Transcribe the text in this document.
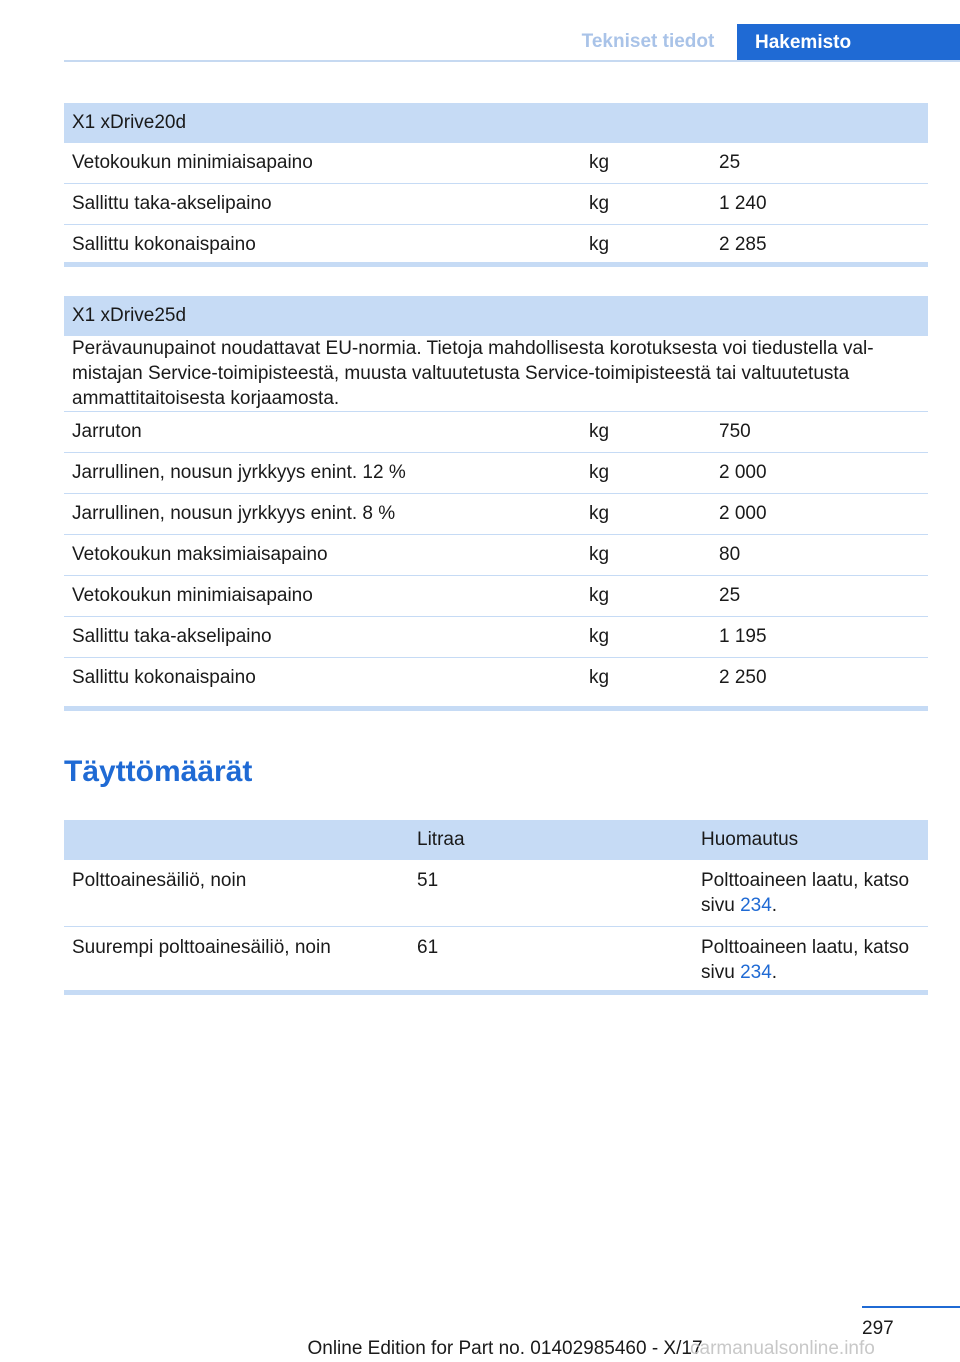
Tekniset tiedot	Hakemisto
X1 xDrive20d		
Vetokoukun minimiaisapaino	kg	25
Sallittu taka-akselipaino	kg	1 240
Sallittu kokonaispaino	kg	2 285
X1 xDrive25d		
Perävaunupainot noudattavat EU-normia. Tietoja mahdollisesta korotuksesta voi tiedustella valmistajan Service-toimipisteestä, muusta valtuutetusta Service-toimipisteestä tai valtuutetusta ammattitaitoisesta korjaamosta.		
Jarruton	kg	750
Jarrullinen, nousun jyrkkyys enint. 12 %	kg	2 000
Jarrullinen, nousun jyrkkyys enint. 8 %	kg	2 000
Vetokoukun maksimiaisapaino	kg	80
Vetokoukun minimiaisapaino	kg	25
Sallittu taka-akselipaino	kg	1 195
Sallittu kokonaispaino	kg	2 250
Täyttömäärät
	Litraa	Huomautus
Polttoainesäiliö, noin	51	Polttoaineen laatu, katso
sivu 234.
Suurempi polttoainesäiliö, noin	61	Polttoaineen laatu, katso
sivu 234.
297
Online Edition for Part no. 01402985460 - X/17
carmanualsonline.info
